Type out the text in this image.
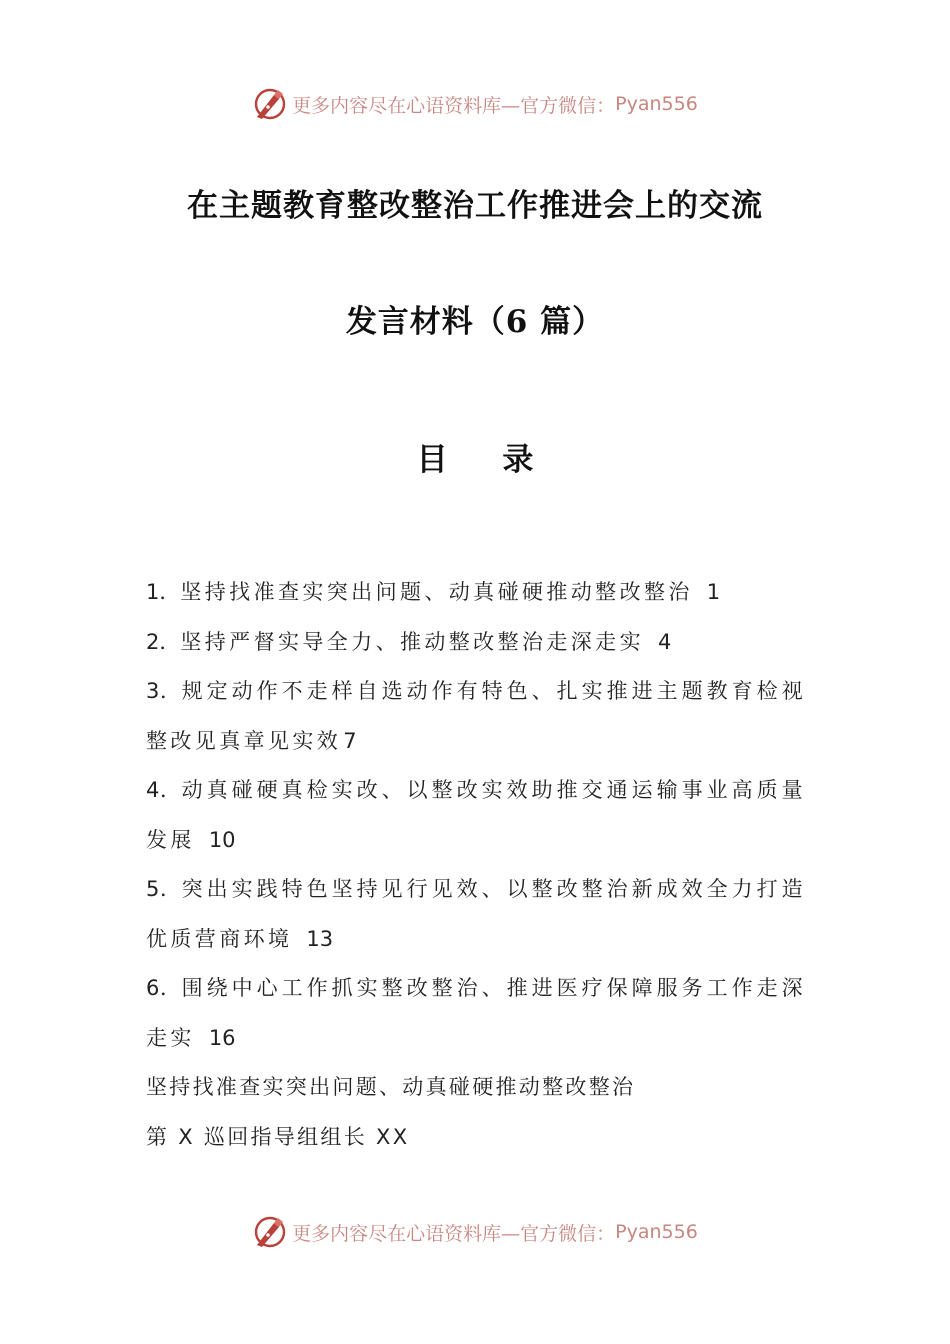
更多内容尽在心语资料库—官方微信： Pyan556
在主题教育整改整治工作推进会上的交流
发言材料（6 篇）
目 录
1．坚持找准查实突出问题、动真碰硬推动整改整治 1
2．坚持严督实导全力、推动整改整治走深走实 4
3．规定动作不走样自选动作有特色、扎实推进主题教育检视整改见真章见实效7
4．动真碰硬真检实改、以整改实效助推交通运输事业高质量发展 10
5．突出实践特色坚持见行见效、以整改整治新成效全力打造优质营商环境 13
6．围绕中心工作抓实整改整治、推进医疗保障服务工作走深走实 16
坚持找准查实突出问题、动真碰硬推动整改整治
第 X 巡回指导组组长 XX
更多内容尽在心语资料库—官方微信： Pyan556
